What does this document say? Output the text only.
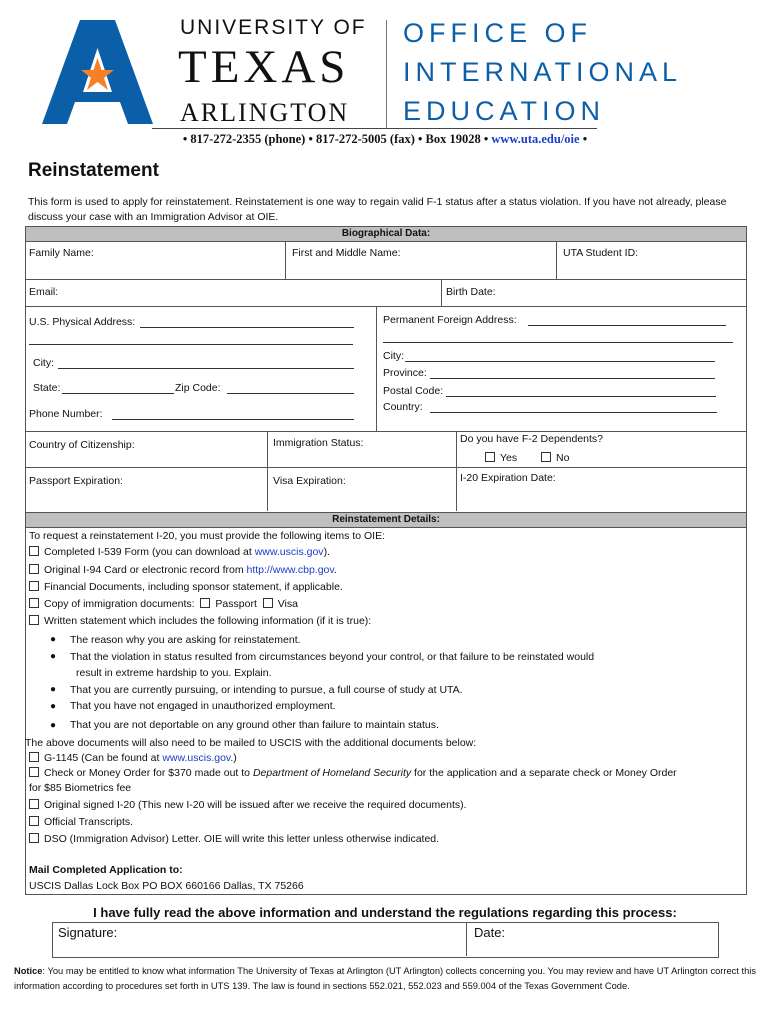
UNIVERSITY OF
TEXAS
ARLINGTON
OFFICE OF
INTERNATIONAL
EDUCATION
• 817-272-2355 (phone) • 817-272-5005 (fax) • Box 19028 • www.uta.edu/oie •
Reinstatement
This form is used to apply for reinstatement. Reinstatement is one way to regain valid F-1 status after a status violation. If you have not already, please discuss your case with an Immigration Advisor at OIE.
Biographical Data:
Family Name:	First and Middle Name:	UTA Student ID:
Email:	Birth Date:
U.S. Physical Address:
City:
State:	Zip Code:
Phone Number:
Permanent Foreign Address:
City:
Province:
Postal Code:
Country:
Country of Citizenship:	Immigration Status:	Do you have F-2 Dependents?
Yes	No
Passport Expiration:	Visa Expiration:	I-20 Expiration Date:
Reinstatement Details:
To request a reinstatement I-20, you must provide the following items to OIE:
Completed I-539 Form (you can download at www.uscis.gov).
Original I-94 Card or electronic record from http://www.cbp.gov.
Financial Documents, including sponsor statement, if applicable.
Copy of immigration documents: Passport Visa
Written statement which includes the following information (if it is true):
● The reason why you are asking for reinstatement.
● That the violation in status resulted from circumstances beyond your control, or that failure to be reinstated would
result in extreme hardship to you. Explain.
● That you are currently pursuing, or intending to pursue, a full course of study at UTA.
● That you have not engaged in unauthorized employment.
● That you are not deportable on any ground other than failure to maintain status.
The above documents will also need to be mailed to USCIS with the additional documents below:
G-1145 (Can be found at www.uscis.gov.)
Check or Money Order for $370 made out to Department of Homeland Security for the application and a separate check or Money Order
for $85 Biometrics fee
Original signed I-20 (This new I-20 will be issued after we receive the required documents).
Official Transcripts.
DSO (Immigration Advisor) Letter. OIE will write this letter unless otherwise indicated.
Mail Completed Application to:
USCIS Dallas Lock Box PO BOX 660166 Dallas, TX 75266
I have fully read the above information and understand the regulations regarding this process:
Signature:	Date:
Notice: You may be entitled to know what information The University of Texas at Arlington (UT Arlington) collects concerning you. You may review and have UT Arlington correct this information according to procedures set forth in UTS 139. The law is found in sections 552.021, 552.023 and 559.004 of the Texas Government Code.
